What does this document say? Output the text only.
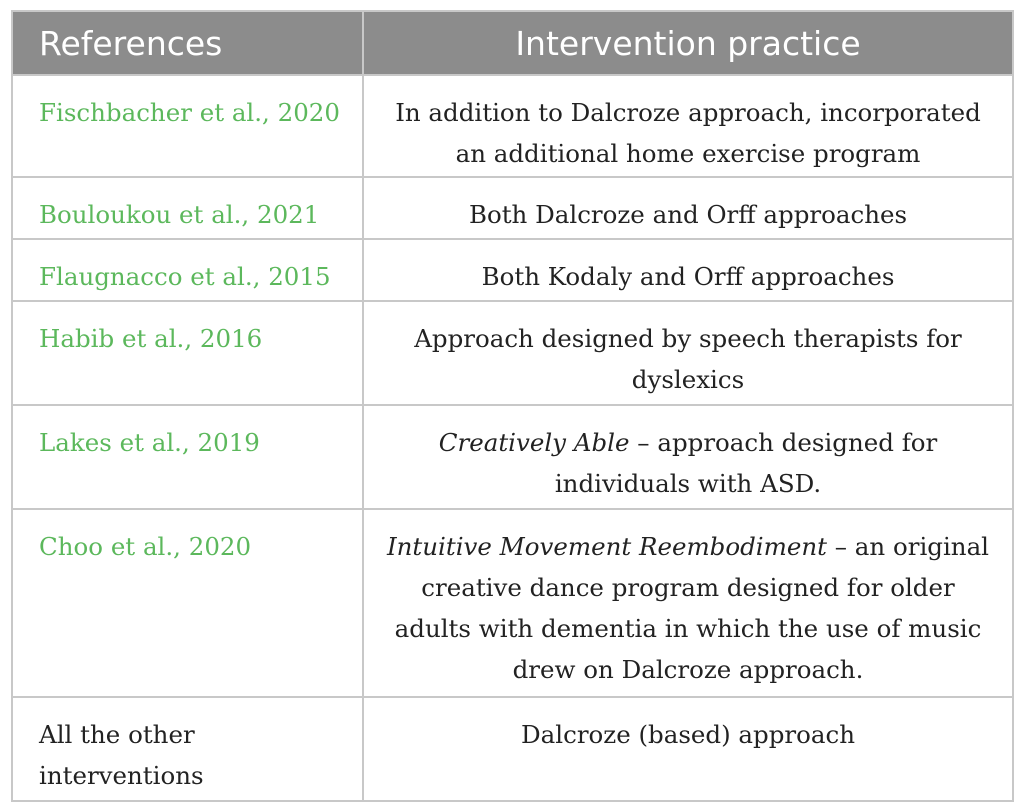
References	Intervention practice
Fischbacher et al., 2020	In addition to Dalcroze approach, incorporated an additional home exercise program
Bouloukou et al., 2021	Both Dalcroze and Orff approaches
Flaugnacco et al., 2015	Both Kodaly and Orff approaches
Habib et al., 2016	Approach designed by speech therapists for dyslexics
Lakes et al., 2019	Creatively Able – approach designed for individuals with ASD.
Choo et al., 2020	Intuitive Movement Reembodiment – an original creative dance program designed for older adults with dementia in which the use of music drew on Dalcroze approach.
All the other interventions	Dalcroze (based) approach
